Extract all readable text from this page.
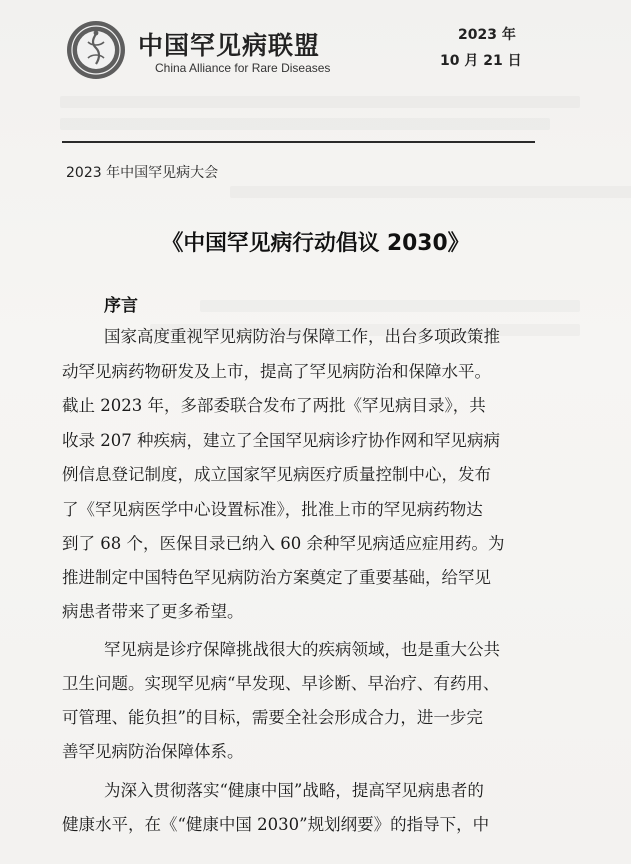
中国罕见病联盟
China Alliance for Rare Diseases
2023 年
10 月 21 日
2023 年中国罕见病大会
《中国罕见病行动倡议 2030》
序言
国家高度重视罕见病防治与保障工作，出台多项政策推
动罕见病药物研发及上市，提高了罕见病防治和保障水平。
截止 2023 年，多部委联合发布了两批《罕见病目录》，共
收录 207 种疾病，建立了全国罕见病诊疗协作网和罕见病病
例信息登记制度，成立国家罕见病医疗质量控制中心，发布
了《罕见病医学中心设置标准》，批准上市的罕见病药物达
到了 68 个，医保目录已纳入 60 余种罕见病适应症用药。为
推进制定中国特色罕见病防治方案奠定了重要基础，给罕见
病患者带来了更多希望。
罕见病是诊疗保障挑战很大的疾病领域，也是重大公共
卫生问题。实现罕见病“早发现、早诊断、早治疗、有药用、
可管理、能负担”的目标，需要全社会形成合力，进一步完
善罕见病防治保障体系。
为深入贯彻落实“健康中国”战略，提高罕见病患者的
健康水平，在《“健康中国 2030”规划纲要》的指导下，中
